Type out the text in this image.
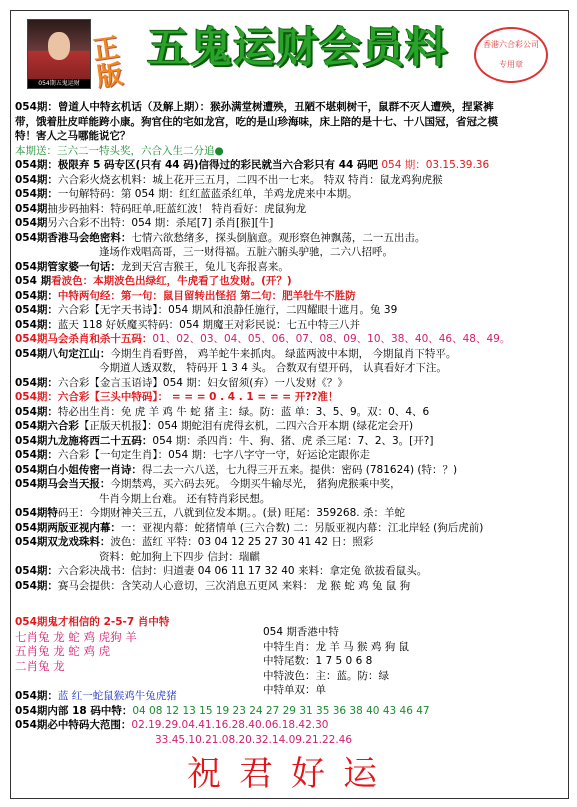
054期五鬼运财
正版
五鬼运财会员料	香港六合彩公司
专用章
054期：曾道人中特玄机话（及解上期）：猴孙满堂树遭殃，丑陋不堪刺树干，鼠群不灭人遭殃，捏紧裤
带，饿着肚皮咩能跨小康。狗官住的宅如龙宫，吃的是山珍海味，床上陪的是十七、十八国冠，省冠之模
特！害人之马哪能说它？
本期送：三六二一特头奖，六合入生二分追●
054期：极限弃 5 码专区(只有 44 码)信得过的彩民就当六合彩只有 44 码吧 054 期：03.15.39.36
054期：六合彩火烧玄机料：城上花开三五月，二四不出一七来。 特双 特肖：鼠龙鸡狗虎猴
054期：一句解特码：第 054 期：红红蓝蓝杀红单，羊鸡龙虎来中本期。
054期抽步码抽料：特码旺单,旺蓝红波！ 特肖看好：虎鼠狗龙
054期另六合彩不出特：054 期：杀尾[7] 杀肖[猴][牛]
054期香港马会绝密料：七情六欲愁绪多，探头倒脑意。观形察色神飘荡，二一五出击。
逢场作戏唱高哥，三一财得福。五脏六腑头驴驰，二六八招呼。
054期管家婆一句话：龙到天宫吉猴王，兔儿飞奔报喜来。
054 期看波色：本期波色出绿红，牛虎看了也发财。(开？)
054期：中特两句经：第一句：鼠目留转出怪招 第二句：肥羊牡牛不胜防
054期：六合彩【无字天书诗】：054 期风和浪静任施行，二四耀眼十遮月。兔 39
054期：蓝天 118 好妖魔买特码：054 期魔王对彩民说：七五中特三八并
054期马会杀肖和杀十五码：01、02、03、04、05、06、07、08、09、10、38、40、46、48、49。
054期八句定江山：今期生肖看野兽， 鸡羊蛇牛来抓肉。 绿蓝两波中本期， 今期鼠肖下特平。
今期道人透双数， 特码开 1 3 4 头。 合数双有望开码， 认真看好才下注。
054期：六合彩【金言玉语诗】054 期：妇女留须(弃）一八发财《？》
054期：六合彩【三头中特码】： = = = 0 . 4 . 1 = = = 开??准！
054期：特必出生肖：免 虎 羊 鸡 牛 蛇 猪 主：绿。防：蓝 单：3、5、9。双：0、4、6
054期六合彩【正版天机报】：054 期蛇泪有虎得玄机，二四六合开本期 (绿花定会开)
054期九龙施将西二十五码：054 期：杀四肖：牛、狗、猪、虎 杀三尾：7、2、3。[开?]
054期：六合彩【一句定生肖】：054 期：七字八字守一守，好运论定跟你走
054期白小姐传密一肖诗：得二去一六八送，七九得三开五来。提供：密码 (781624) (特：？)
054期马会当天报：今期禁鸡，买六码去死。 今期买牛输尽光， 猪狗虎猴乘中奖，
牛肖今期上台难。 还有特肖彩民想。
054期特码王：今期财神关三五，八就到位发本期。。(景) 旺尾：359268. 杀：羊蛇
054期两版亚视内幕：一：亚视内幕：蛇猪情单 (三六合数) 二：另版亚视内幕：江北岸轻 (狗后虎前)
054期双龙戏珠料：波色：蓝红 平特：03 04 12 25 27 30 41 42 日：照彩
资料：蛇加狗上下四步 信封：瑞麒
054期：六合彩决战书：信封：归道妻 04 06 11 17 32 40 来料：拿定兔 欲拔看鼠头。
054期：赛马会提供：含笑动人心意切，三次消息五更风 来料： 龙 猴 蛇 鸡 兔 鼠 狗
054期鬼才相信的 2-5-7 肖中特
七肖兔 龙 蛇 鸡 虎狗 羊
五肖兔 龙 蛇 鸡 虎
二肖兔 龙
054 期香港中特
中特生肖：龙 羊 马 猴 鸡 狗 鼠
中特尾数：1 7 5 0 6 8
中特波色：主：蓝。防：绿
中特单双：单
054期：蓝 红一蛇鼠猴鸡牛兔虎猪
054期内部 18 码中特：04 08 12 13 15 19 23 24 27 29 31 35 36 38 40 43 46 47
054期必中特码大范围：02.19.29.04.41.16.28.40.06.18.42.30
33.45.10.21.08.20.32.14.09.21.22.46
祝君好运
